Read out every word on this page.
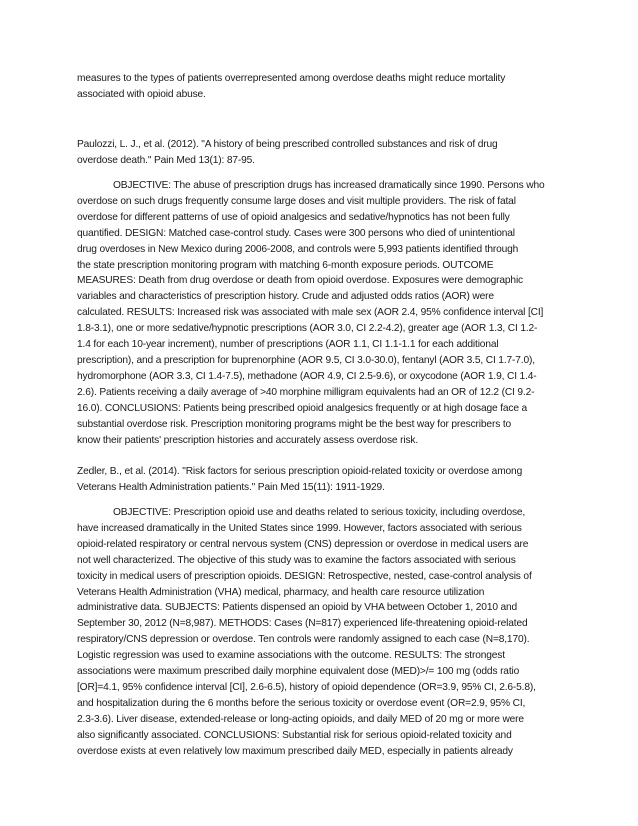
measures to the types of patients overrepresented among overdose deaths might reduce mortality
associated with opioid abuse.

Paulozzi, L. J., et al. (2012). "A history of being prescribed controlled substances and risk of drug
overdose death." Pain Med 13(1): 87-95.

OBJECTIVE: The abuse of prescription drugs has increased dramatically since 1990. Persons who
overdose on such drugs frequently consume large doses and visit multiple providers. The risk of fatal
overdose for different patterns of use of opioid analgesics and sedative/hypnotics has not been fully
quantified. DESIGN: Matched case-control study. Cases were 300 persons who died of unintentional
drug overdoses in New Mexico during 2006-2008, and controls were 5,993 patients identified through
the state prescription monitoring program with matching 6-month exposure periods. OUTCOME
MEASURES: Death from drug overdose or death from opioid overdose. Exposures were demographic
variables and characteristics of prescription history. Crude and adjusted odds ratios (AOR) were
calculated. RESULTS: Increased risk was associated with male sex (AOR 2.4, 95% confidence interval [CI]
1.8-3.1), one or more sedative/hypnotic prescriptions (AOR 3.0, CI 2.2-4.2), greater age (AOR 1.3, CI 1.2-
1.4 for each 10-year increment), number of prescriptions (AOR 1.1, CI 1.1-1.1 for each additional
prescription), and a prescription for buprenorphine (AOR 9.5, CI 3.0-30.0), fentanyl (AOR 3.5, CI 1.7-7.0),
hydromorphone (AOR 3.3, CI 1.4-7.5), methadone (AOR 4.9, CI 2.5-9.6), or oxycodone (AOR 1.9, CI 1.4-
2.6). Patients receiving a daily average of >40 morphine milligram equivalents had an OR of 12.2 (CI 9.2-
16.0). CONCLUSIONS: Patients being prescribed opioid analgesics frequently or at high dosage face a
substantial overdose risk. Prescription monitoring programs might be the best way for prescribers to
know their patients' prescription histories and accurately assess overdose risk.

Zedler, B., et al. (2014). "Risk factors for serious prescription opioid-related toxicity or overdose among
Veterans Health Administration patients." Pain Med 15(11): 1911-1929.

OBJECTIVE: Prescription opioid use and deaths related to serious toxicity, including overdose,
have increased dramatically in the United States since 1999. However, factors associated with serious
opioid-related respiratory or central nervous system (CNS) depression or overdose in medical users are
not well characterized. The objective of this study was to examine the factors associated with serious
toxicity in medical users of prescription opioids. DESIGN: Retrospective, nested, case-control analysis of
Veterans Health Administration (VHA) medical, pharmacy, and health care resource utilization
administrative data. SUBJECTS: Patients dispensed an opioid by VHA between October 1, 2010 and
September 30, 2012 (N=8,987). METHODS: Cases (N=817) experienced life-threatening opioid-related
respiratory/CNS depression or overdose. Ten controls were randomly assigned to each case (N=8,170).
Logistic regression was used to examine associations with the outcome. RESULTS: The strongest
associations were maximum prescribed daily morphine equivalent dose (MED)>/= 100 mg (odds ratio
[OR]=4.1, 95% confidence interval [CI], 2.6-6.5), history of opioid dependence (OR=3.9, 95% CI, 2.6-5.8),
and hospitalization during the 6 months before the serious toxicity or overdose event (OR=2.9, 95% CI,
2.3-3.6). Liver disease, extended-release or long-acting opioids, and daily MED of 20 mg or more were
also significantly associated. CONCLUSIONS: Substantial risk for serious opioid-related toxicity and
overdose exists at even relatively low maximum prescribed daily MED, especially in patients already
